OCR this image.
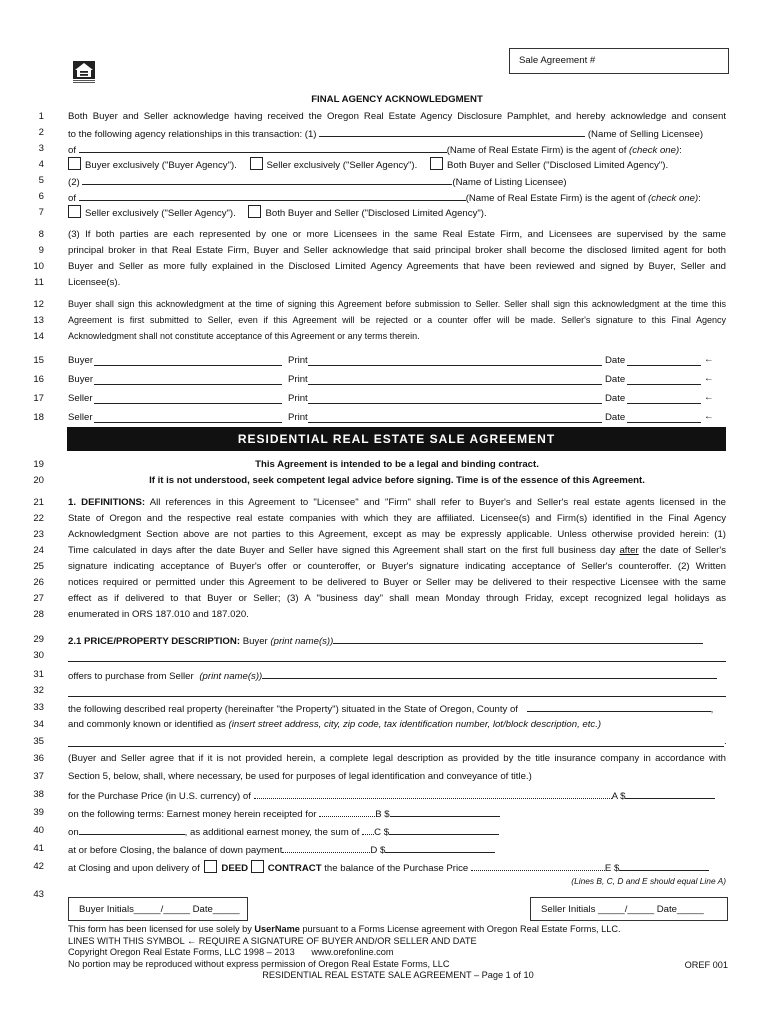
Sale Agreement #
1
2
3
4
5
6
7
8
9
10
11
12
13
14
15
16
17
18
19
20
21
22
23
24
25
26
27
28
29
30
31
32
33
34
35
36
37
38
39
40
41
42
43
FINAL AGENCY ACKNOWLEDGMENT
Both Buyer and Seller acknowledge having received the Oregon Real Estate Agency Disclosure Pamphlet, and hereby acknowledge and consent
to the following agency relationships in this transaction: (1)	(Name of Selling Licensee)
of	(Name of Real Estate Firm) is the agent of (check one):
Buyer exclusively ("Buyer Agency").	Seller exclusively ("Seller Agency").	Both Buyer and Seller ("Disclosed Limited Agency").
(2)	(Name of Listing Licensee)
of	(Name of Real Estate Firm) is the agent of (check one):
Seller exclusively ("Seller Agency").	Both Buyer and Seller ("Disclosed Limited Agency").
(3) If both parties are each represented by one or more Licensees in the same Real Estate Firm, and Licensees are supervised by the same
principal broker in that Real Estate Firm, Buyer and Seller acknowledge that said principal broker shall become the disclosed limited agent for both
Buyer and Seller as more fully explained in the Disclosed Limited Agency Agreements that have been reviewed and signed by Buyer, Seller and
Licensee(s).
Buyer shall sign this acknowledgment at the time of signing this Agreement before submission to Seller. Seller shall sign this acknowledgment at the time this
Agreement is first submitted to Seller, even if this Agreement will be rejected or a counter offer will be made. Seller's signature to this Final Agency
Acknowledgment shall not constitute acceptance of this Agreement or any terms therein.
Buyer	Print	Date	←
Buyer	Print	Date	←
Seller	Print	Date	←
Seller	Print	Date	←
RESIDENTIAL REAL ESTATE SALE AGREEMENT
This Agreement is intended to be a legal and binding contract.
If it is not understood, seek competent legal advice before signing. Time is of the essence of this Agreement.
1. DEFINITIONS: All references in this Agreement to "Licensee" and "Firm" shall refer to Buyer's and Seller's real estate agents licensed in the
State of Oregon and the respective real estate companies with which they are affiliated. Licensee(s) and Firm(s) identified in the Final Agency
Acknowledgment Section above are not parties to this Agreement, except as may be expressly applicable. Unless otherwise provided herein: (1)
Time calculated in days after the date Buyer and Seller have signed this Agreement shall start on the first full business day after the date of Seller's
signature indicating acceptance of Buyer's offer or counteroffer, or Buyer's signature indicating acceptance of Seller's counteroffer. (2) Written
notices required or permitted under this Agreement to be delivered to Buyer or Seller may be delivered to their respective Licensee with the same
effect as if delivered to that Buyer or Seller; (3) A "business day" shall mean Monday through Friday, except recognized legal holidays as
enumerated in ORS 187.010 and 187.020.
2.1 PRICE/PROPERTY DESCRIPTION: Buyer (print name(s))
offers to purchase from Seller (print name(s))
the following described real property (hereinafter "the Property") situated in the State of Oregon, County of	,
and commonly known or identified as (insert street address, city, zip code, tax identification number, lot/block description, etc.)
.
(Buyer and Seller agree that if it is not provided herein, a complete legal description as provided by the title insurance company in accordance with
Section 5, below, shall, where necessary, be used for purposes of legal identification and conveyance of title.)
for the Purchase Price (in U.S. currency) of	A $
on the following terms: Earnest money herein receipted for	B $
on	, as additional earnest money, the sum of C $
at or before Closing, the balance of down payment	D $
at Closing and upon delivery of DEED CONTRACT the balance of the Purchase Price	E $
(Lines B, C, D and E should equal Line A)
Buyer Initials_____/_____ Date_____	Seller Initials _____/_____ Date_____
This form has been licensed for use solely by UserName pursuant to a Forms License agreement with Oregon Real Estate Forms, LLC.
LINES WITH THIS SYMBOL ← REQUIRE A SIGNATURE OF BUYER AND/OR SELLER AND DATE
Copyright Oregon Real Estate Forms, LLC 1998 – 2013 www.orefonline.com
No portion may be reproduced without express permission of Oregon Real Estate Forms, LLC	OREF 001
RESIDENTIAL REAL ESTATE SALE AGREEMENT – Page 1 of 10
